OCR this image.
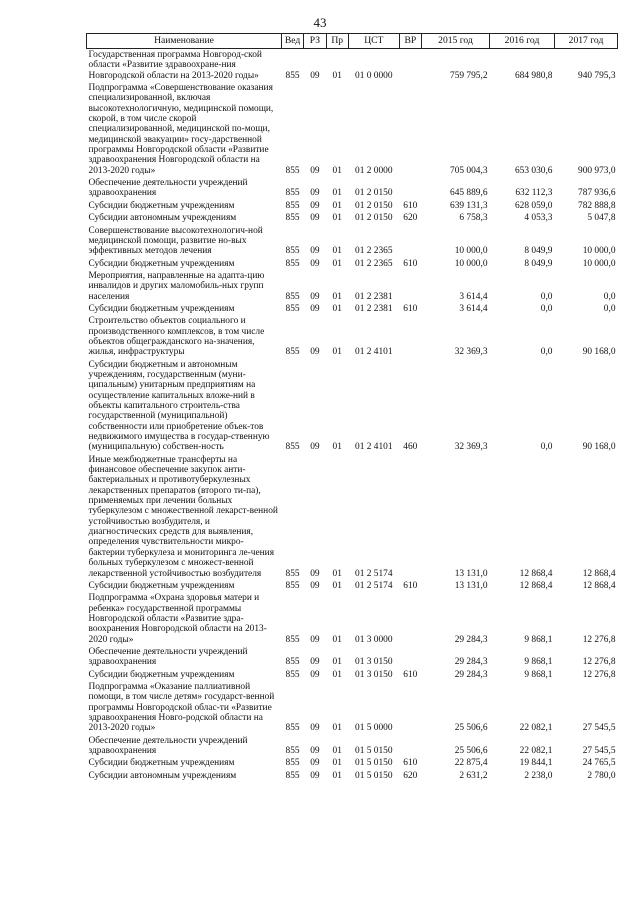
43
Наименование	Вед	РЗ	Пр	ЦСТ	ВР	2015 год	2016 год	2017 год
Государственная программа Новгород-ской области «Развитие здравоохране-ния Новгородской области на 2013-2020 годы»	855	09	01	01 0 0000		759 795,2	684 980,8	940 795,3
Подпрограмма «Совершенствование оказания специализированной, включая высокотехнологичную, медицинской помощи, скорой, в том числе скорой специализированной, медицинской по-мощи, медицинской эвакуации» госу-дарственной программы Новгородской области «Развитие здравоохранения Новгородской области на 2013-2020 годы»	855	09	01	01 2 0000		705 004,3	653 030,6	900 973,0
Обеспечение деятельности учреждений здравоохранения	855	09	01	01 2 0150		645 889,6	632 112,3	787 936,6
Субсидии бюджетным учреждениям	855	09	01	01 2 0150	610	639 131,3	628 059,0	782 888,8
Субсидии автономным учреждениям	855	09	01	01 2 0150	620	6 758,3	4 053,3	5 047,8
Совершенствование высокотехнологич-ной медицинской помощи, развитие но-вых эффективных методов лечения	855	09	01	01 2 2365		10 000,0	8 049,9	10 000,0
Субсидии бюджетным учреждениям	855	09	01	01 2 2365	610	10 000,0	8 049,9	10 000,0
Мероприятия, направленные на адапта-цию инвалидов и других маломобиль-ных групп населения	855	09	01	01 2 2381		3 614,4	0,0	0,0
Субсидии бюджетным учреждениям	855	09	01	01 2 2381	610	3 614,4	0,0	0,0
Строительство объектов социального и производственного комплексов, в том числе объектов общегражданского на-значения, жилья, инфраструктуры	855	09	01	01 2 4101		32 369,3	0,0	90 168,0
Субсидии бюджетным и автономным учреждениям, государственным (муни-ципальным) унитарным предприятиям на осуществление капитальных вложе-ний в объекты капитального строитель-ства государственной (муниципальной) собственности или приобретение объек-тов недвижимого имущества в государ-ственную (муниципальную) собствен-ность	855	09	01	01 2 4101	460	32 369,3	0,0	90 168,0
Иные межбюджетные трансферты на финансовое обеспечение закупок анти-бактериальных и противотуберкулезных лекарственных препаратов (второго ти-па), применяемых при лечении больных туберкулезом с множественной лекарст-венной устойчивостью возбудителя, и диагностических средств для выявления, определения чувствительности микро-бактерии туберкулеза и мониторинга ле-чения больных туберкулезом с множест-венной лекарственной устойчивостью возбудителя	855	09	01	01 2 5174		13 131,0	12 868,4	12 868,4
Субсидии бюджетным учреждениям	855	09	01	01 2 5174	610	13 131,0	12 868,4	12 868,4
Подпрограмма «Охрана здоровья матери и ребенка» государственной программы Новгородской области «Развитие здра-воохранения Новгородской области на 2013-2020 годы»	855	09	01	01 3 0000		29 284,3	9 868,1	12 276,8
Обеспечение деятельности учреждений здравоохранения	855	09	01	01 3 0150		29 284,3	9 868,1	12 276,8
Субсидии бюджетным учреждениям	855	09	01	01 3 0150	610	29 284,3	9 868,1	12 276,8
Подпрограмма «Оказание паллиативной помощи, в том числе детям» государст-венной программы Новгородской облас-ти «Развитие здравоохранения Новго-родской области на 2013-2020 годы»	855	09	01	01 5 0000		25 506,6	22 082,1	27 545,5
Обеспечение деятельности учреждений здравоохранения	855	09	01	01 5 0150		25 506,6	22 082,1	27 545,5
Субсидии бюджетным учреждениям	855	09	01	01 5 0150	610	22 875,4	19 844,1	24 765,5
Субсидии автономным учреждениям	855	09	01	01 5 0150	620	2 631,2	2 238,0	2 780,0
